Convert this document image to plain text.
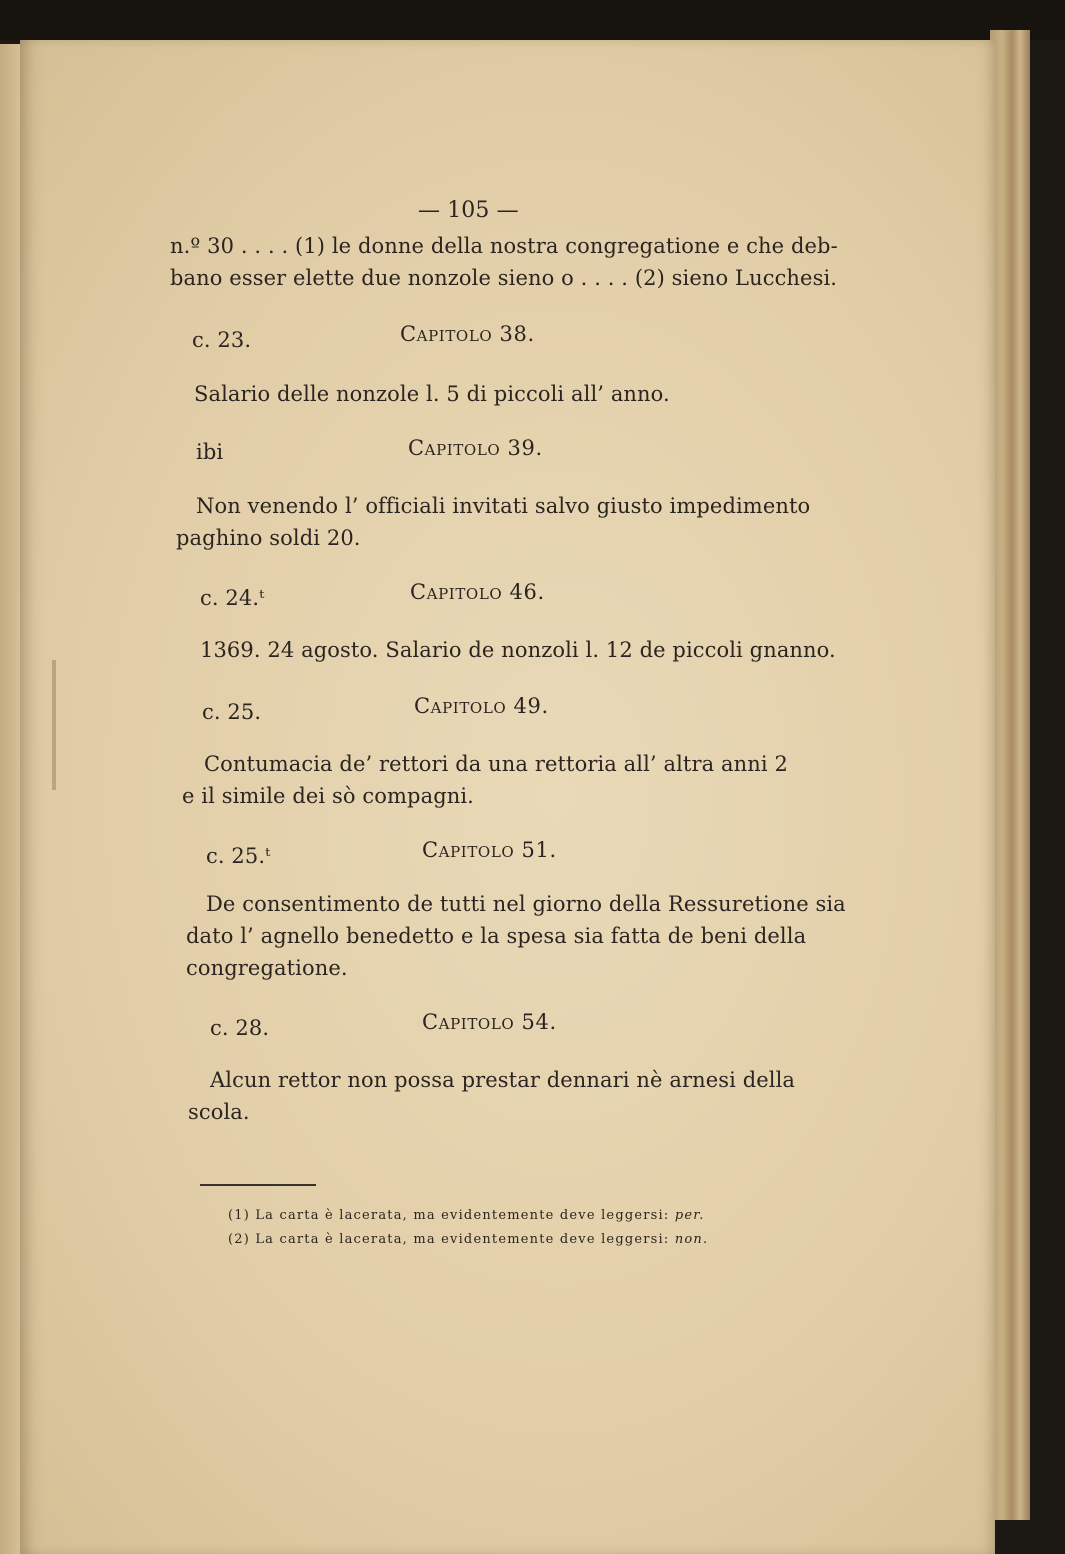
— 105 —
n.º 30 . . . . (1) le donne della nostra congregatione e che deb-
bano esser elette due nonzole sieno o . . . . (2) sieno Lucchesi.
c. 23.	Capitolo 38.
Salario delle nonzole l. 5 di piccoli all’ anno.
ibi	Capitolo 39.
Non venendo l’ officiali invitati salvo giusto impedimento
paghino soldi 20.
c. 24.ᵗ	Capitolo 46.
1369. 24 agosto. Salario de nonzoli l. 12 de piccoli gnanno.
c. 25.	Capitolo 49.
Contumacia de’ rettori da una rettoria all’ altra anni 2
e il simile dei sò compagni.
c. 25.ᵗ	Capitolo 51.
De consentimento de tutti nel giorno della Ressuretione sia
dato l’ agnello benedetto e la spesa sia fatta de beni della
congregatione.
c. 28.	Capitolo 54.
Alcun rettor non possa prestar dennari nè arnesi della
scola.
(1) La carta è lacerata, ma evidentemente deve leggersi: per.
(2) La carta è lacerata, ma evidentemente deve leggersi: non.
